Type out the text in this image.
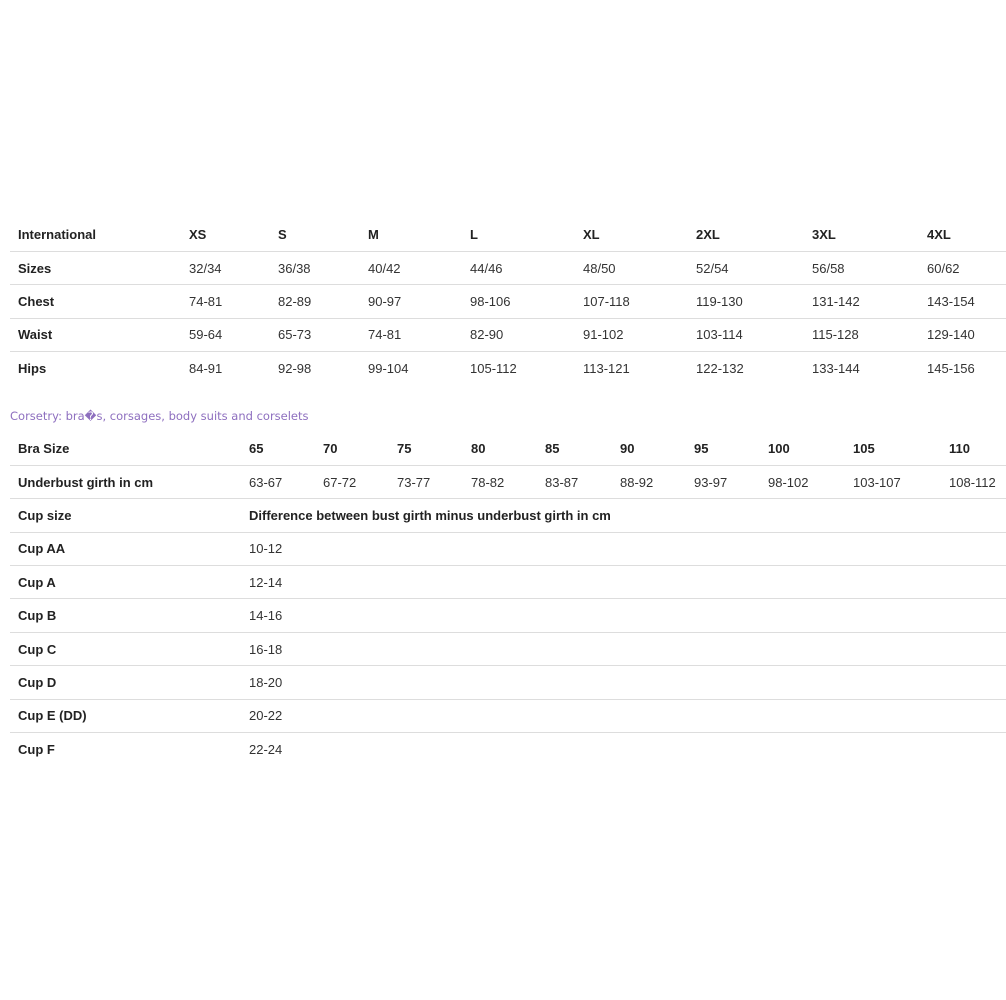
International	XS	S	M	L	XL	2XL	3XL	4XL
Sizes	32/34	36/38	40/42	44/46	48/50	52/54	56/58	60/62
Chest	74-81	82-89	90-97	98-106	107-118	119-130	131-142	143-154
Waist	59-64	65-73	74-81	82-90	91-102	103-114	115-128	129-140
Hips	84-91	92-98	99-104	105-112	113-121	122-132	133-144	145-156
Corsetry: bra�s, corsages, body suits and corselets
Bra Size	65	70	75	80	85	90	95	100	105	110
Underbust girth in cm	63-67	67-72	73-77	78-82	83-87	88-92	93-97	98-102	103-107	108-112
Cup size	Difference between bust girth minus underbust girth in cm									
Cup AA	10-12									
Cup A	12-14									
Cup B	14-16									
Cup C	16-18									
Cup D	18-20									
Cup E (DD)	20-22									
Cup F	22-24									
